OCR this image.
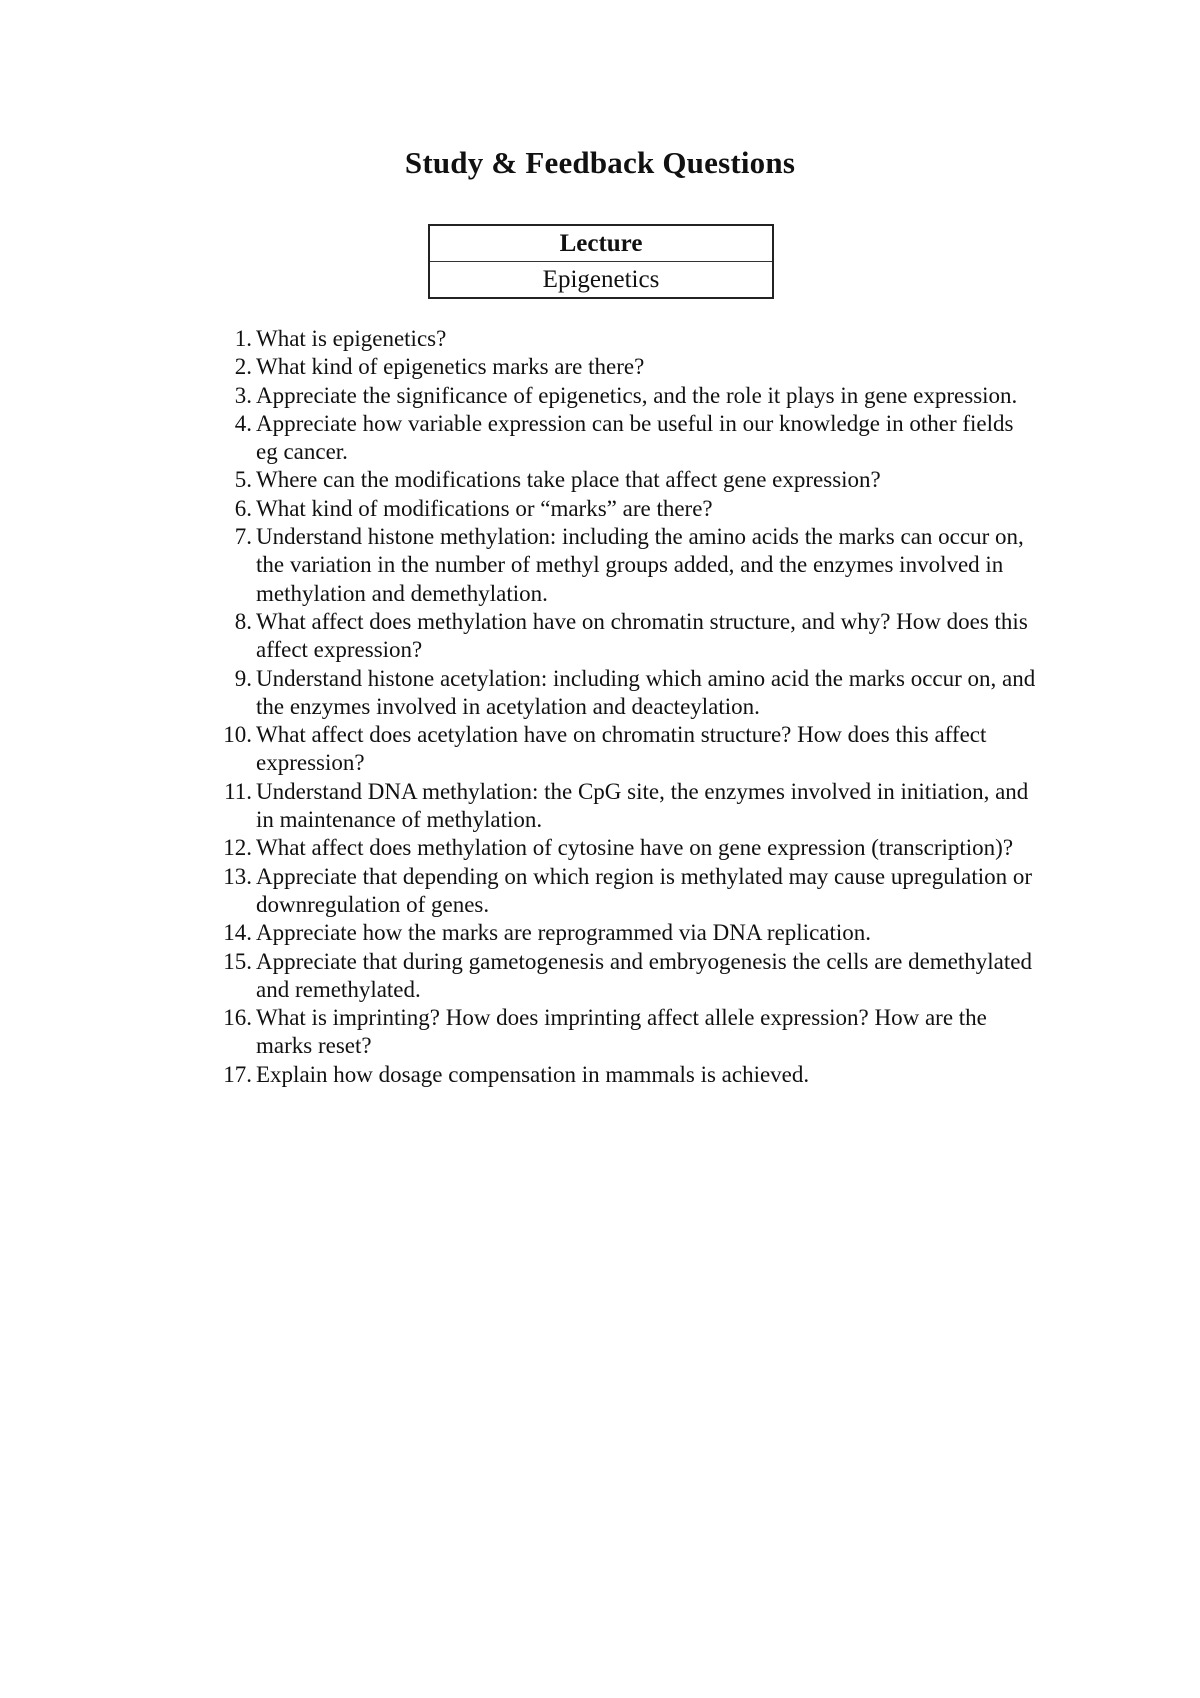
Study & Feedback Questions
Lecture
Epigenetics
1. What is epigenetics?
2. What kind of epigenetics marks are there?
3. Appreciate the significance of epigenetics, and the role it plays in gene expression.
4. Appreciate how variable expression can be useful in our knowledge in other fields eg cancer.
5. Where can the modifications take place that affect gene expression?
6. What kind of modifications or “marks” are there?
7. Understand histone methylation: including the amino acids the marks can occur on, the variation in the number of methyl groups added, and the enzymes involved in methylation and demethylation.
8. What affect does methylation have on chromatin structure, and why? How does this affect expression?
9. Understand histone acetylation: including which amino acid the marks occur on, and the enzymes involved in acetylation and deacteylation.
10. What affect does acetylation have on chromatin structure? How does this affect expression?
11. Understand DNA methylation: the CpG site, the enzymes involved in initiation, and in maintenance of methylation.
12. What affect does methylation of cytosine have on gene expression (transcription)?
13. Appreciate that depending on which region is methylated may cause upregulation or downregulation of genes.
14. Appreciate how the marks are reprogrammed via DNA replication.
15. Appreciate that during gametogenesis and embryogenesis the cells are demethylated and remethylated.
16. What is imprinting? How does imprinting affect allele expression? How are the marks reset?
17. Explain how dosage compensation in mammals is achieved.
